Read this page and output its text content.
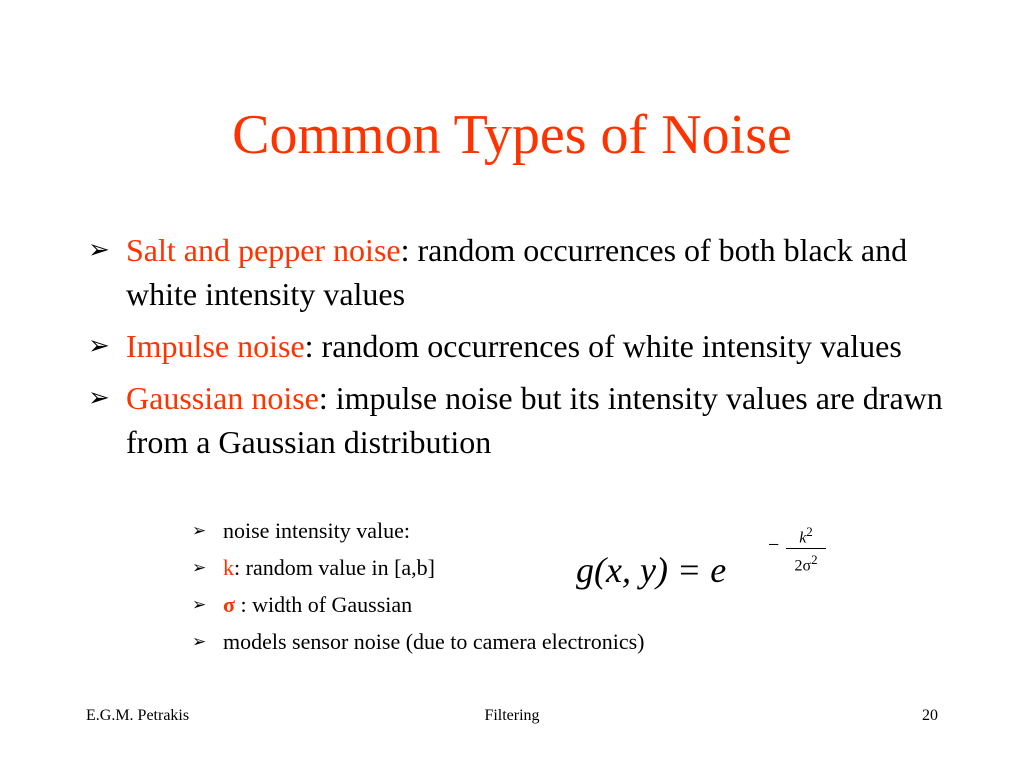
Common Types of Noise
➢ Salt and pepper noise: random occurrences of both black and white intensity values
➢ Impulse noise: random occurrences of white intensity values
➢ Gaussian noise: impulse noise but its intensity values are drawn from a Gaussian distribution
➢ noise intensity value:
➢ k: random value in [a,b]
➢ σ : width of Gaussian
➢ models sensor noise (due to camera electronics)
g(x, y) = e
−	$k^2$
$2\sigma^2$
E.G.M. Petrakis	Filtering	20
